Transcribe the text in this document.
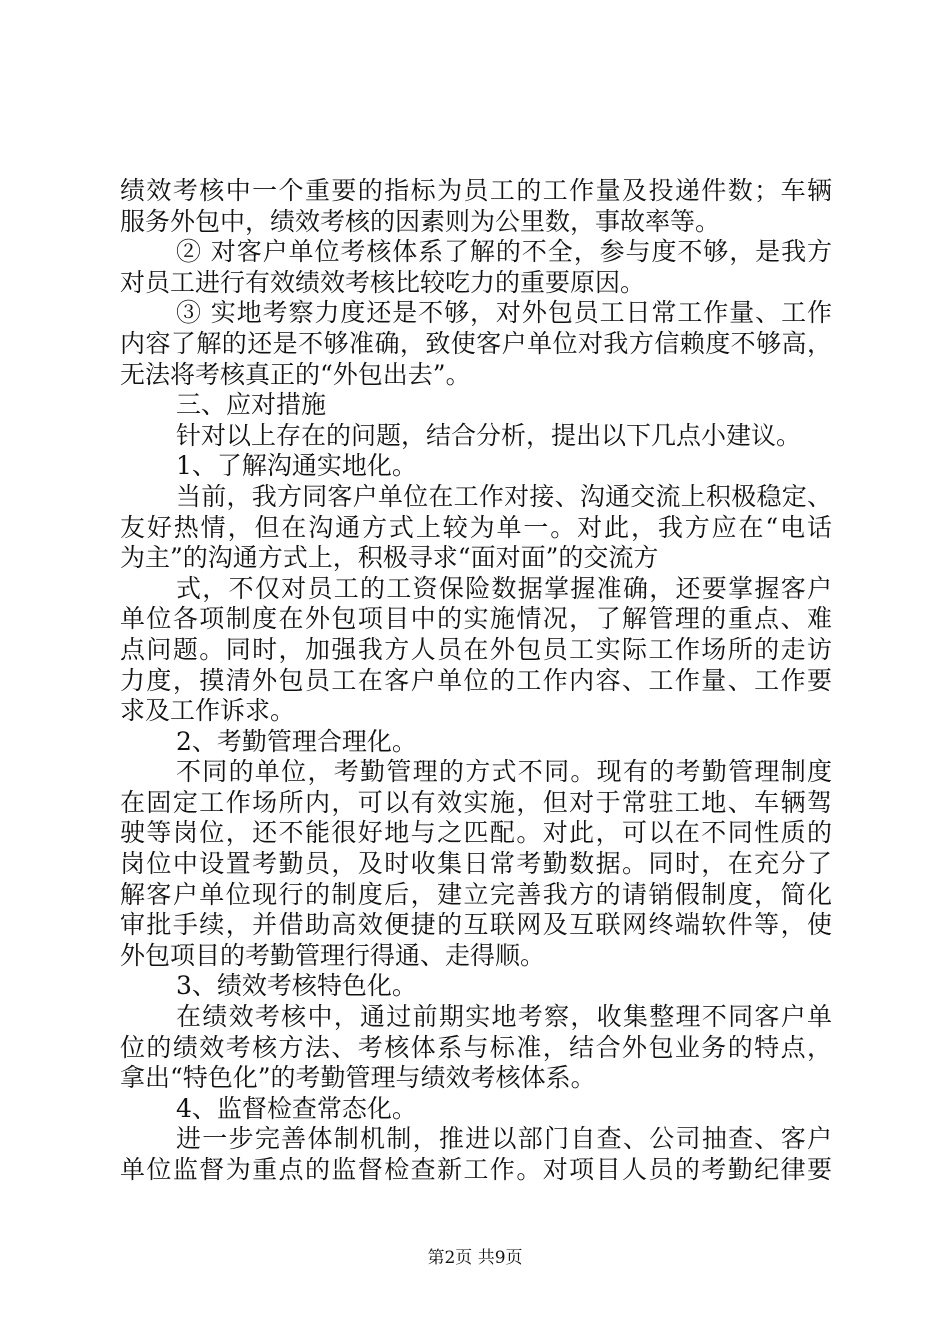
绩效考核中一个重要的指标为员工的工作量及投递件数；车辆
服务外包中，绩效考核的因素则为公里数，事故率等。
② 对客户单位考核体系了解的不全，参与度不够，是我方
对员工进行有效绩效考核比较吃力的重要原因。
③ 实地考察力度还是不够，对外包员工日常工作量、工作
内容了解的还是不够准确，致使客户单位对我方信赖度不够高，
无法将考核真正的“外包出去”。
三、应对措施
针对以上存在的问题，结合分析，提出以下几点小建议。
1、了解沟通实地化。
当前，我方同客户单位在工作对接、沟通交流上积极稳定、
友好热情，但在沟通方式上较为单一。对此，我方应在“电话
为主”的沟通方式上，积极寻求“面对面”的交流方
式，不仅对员工的工资保险数据掌握准确，还要掌握客户
单位各项制度在外包项目中的实施情况，了解管理的重点、难
点问题。同时，加强我方人员在外包员工实际工作场所的走访
力度，摸清外包员工在客户单位的工作内容、工作量、工作要
求及工作诉求。
2、考勤管理合理化。
不同的单位，考勤管理的方式不同。现有的考勤管理制度
在固定工作场所内，可以有效实施，但对于常驻工地、车辆驾
驶等岗位，还不能很好地与之匹配。对此，可以在不同性质的
岗位中设置考勤员，及时收集日常考勤数据。同时，在充分了
解客户单位现行的制度后，建立完善我方的请销假制度，简化
审批手续，并借助高效便捷的互联网及互联网终端软件等，使
外包项目的考勤管理行得通、走得顺。
3、绩效考核特色化。
在绩效考核中，通过前期实地考察，收集整理不同客户单
位的绩效考核方法、考核体系与标准，结合外包业务的特点，
拿出“特色化”的考勤管理与绩效考核体系。
4、监督检查常态化。
进一步完善体制机制，推进以部门自查、公司抽查、客户
单位监督为重点的监督检查新工作。对项目人员的考勤纪律要
第2页 共9页
